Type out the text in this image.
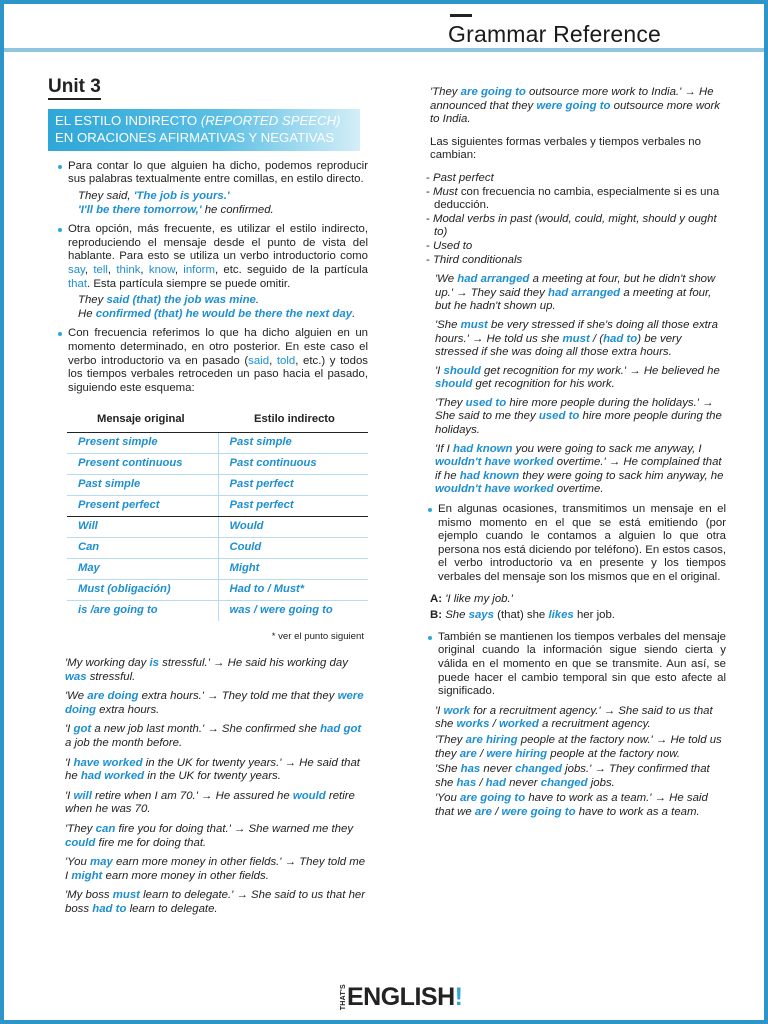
Grammar Reference
Unit 3
EL ESTILO INDIRECTO (REPORTED SPEECH) EN ORACIONES AFIRMATIVAS Y NEGATIVAS
Para contar lo que alguien ha dicho, podemos reproducir sus palabras textualmente entre comillas, en estilo directo.
They said, 'The job is yours.'
'I'll be there tomorrow,' he confirmed.
Otra opción, más frecuente, es utilizar el estilo indirecto, reproduciendo el mensaje desde el punto de vista del hablante. Para esto se utiliza un verbo introductorio como say, tell, think, know, inform, etc. seguido de la partícula that. Esta partícula siempre se puede omitir.
They said (that) the job was mine.
He confirmed (that) he would be there the next day.
Con frecuencia referimos lo que ha dicho alguien en un momento determinado, en otro posterior. En este caso el verbo introductorio va en pasado (said, told, etc.) y todos los tiempos verbales retroceden un paso hacia el pasado, siguiendo este esquema:
Mensaje original	Estilo indirecto
Present simple	Past simple
Present continuous	Past continuous
Past simple	Past perfect
Present perfect	Past perfect
Will	Would
Can	Could
May	Might
Must (obligación)	Had to / Must*
is /are going to	was / were going to
* ver el punto siguient
'My working day is stressful.' → He said his working day was stressful.
'We are doing extra hours.' → They told me that they were doing extra hours.
'I got a new job last month.' → She confirmed she had got a job the month before.
'I have worked in the UK for twenty years.' → He said that he had worked in the UK for twenty years.
'I will retire when I am 70.' → He assured he would retire when he was 70.
'They can fire you for doing that.' → She warned me they could fire me for doing that.
'You may earn more money in other fields.' → They told me I might earn more money in other fields.
'My boss must learn to delegate.' → She said to us that her boss had to learn to delegate.
'They are going to outsource more work to India.' → He announced that they were going to outsource more work to India.
Las siguientes formas verbales y tiempos verbales no cambian:
- Past perfect
- Must con frecuencia no cambia, especialmente si es una deducción.
- Modal verbs in past (would, could, might, should y ought to)
- Used to
- Third conditionals
'We had arranged a meeting at four, but he didn't show up.' → They said they had arranged a meeting at four, but he hadn't shown up.
'She must be very stressed if she's doing all those extra hours.' → He told us she must / (had to) be very stressed if she was doing all those extra hours.
'I should get recognition for my work.' → He believed he should get recognition for his work.
'They used to hire more people during the holidays.' → She said to me they used to hire more people during the holidays.
'If I had known you were going to sack me anyway, I wouldn't have worked overtime.' → He complained that if he had known they were going to sack him anyway, he wouldn't have worked overtime.
En algunas ocasiones, transmitimos un mensaje en el mismo momento en el que se está emitiendo (por ejemplo cuando le contamos a alguien lo que otra persona nos está diciendo por teléfono). En estos casos, el verbo introductorio va en presente y los tiempos verbales del mensaje son los mismos que en el original.
A: 'I like my job.'
B: She says (that) she likes her job.
También se mantienen los tiempos verbales del mensaje original cuando la información sigue siendo cierta y válida en el momento en que se transmite. Aun así, se puede hacer el cambio temporal sin que esto afecte al significado.
'I work for a recruitment agency.' → She said to us that she works / worked a recruitment agency.
'They are hiring people at the factory now.' → He told us they are / were hiring people at the factory now.
'She has never changed jobs.' → They confirmed that she has / had never changed jobs.
'You are going to have to work as a team.' → He said that we are / were going to have to work as a team.
THAT'S ENGLISH !
